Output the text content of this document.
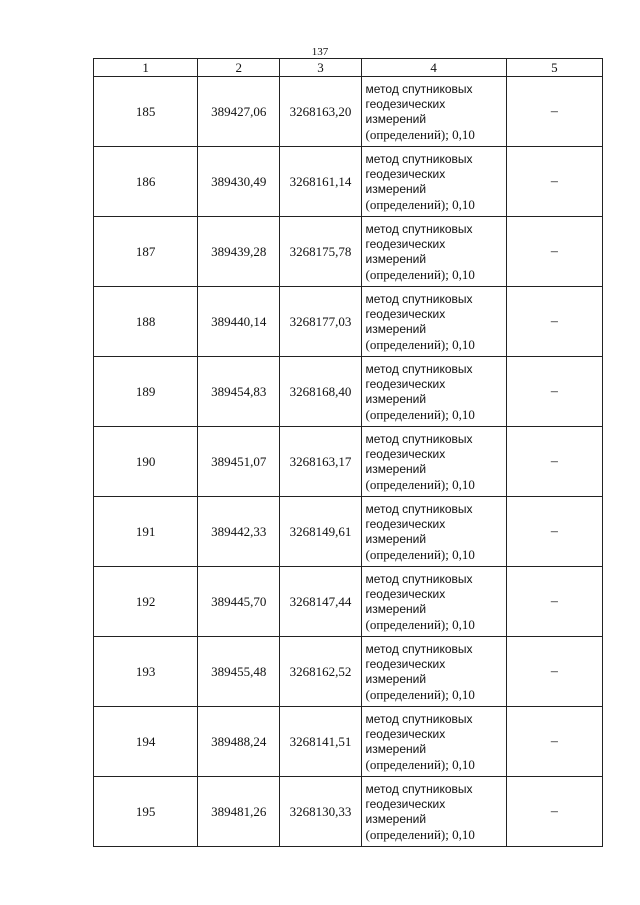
137
1	2	3	4	5
185	389427,06	3268163,20	метод спутниковых
геодезических
измерений
(определений); 0,10	–
186	389430,49	3268161,14	метод спутниковых
геодезических
измерений
(определений); 0,10	–
187	389439,28	3268175,78	метод спутниковых
геодезических
измерений
(определений); 0,10	–
188	389440,14	3268177,03	метод спутниковых
геодезических
измерений
(определений); 0,10	–
189	389454,83	3268168,40	метод спутниковых
геодезических
измерений
(определений); 0,10	–
190	389451,07	3268163,17	метод спутниковых
геодезических
измерений
(определений); 0,10	–
191	389442,33	3268149,61	метод спутниковых
геодезических
измерений
(определений); 0,10	–
192	389445,70	3268147,44	метод спутниковых
геодезических
измерений
(определений); 0,10	–
193	389455,48	3268162,52	метод спутниковых
геодезических
измерений
(определений); 0,10	–
194	389488,24	3268141,51	метод спутниковых
геодезических
измерений
(определений); 0,10	–
195	389481,26	3268130,33	метод спутниковых
геодезических
измерений
(определений); 0,10	–
